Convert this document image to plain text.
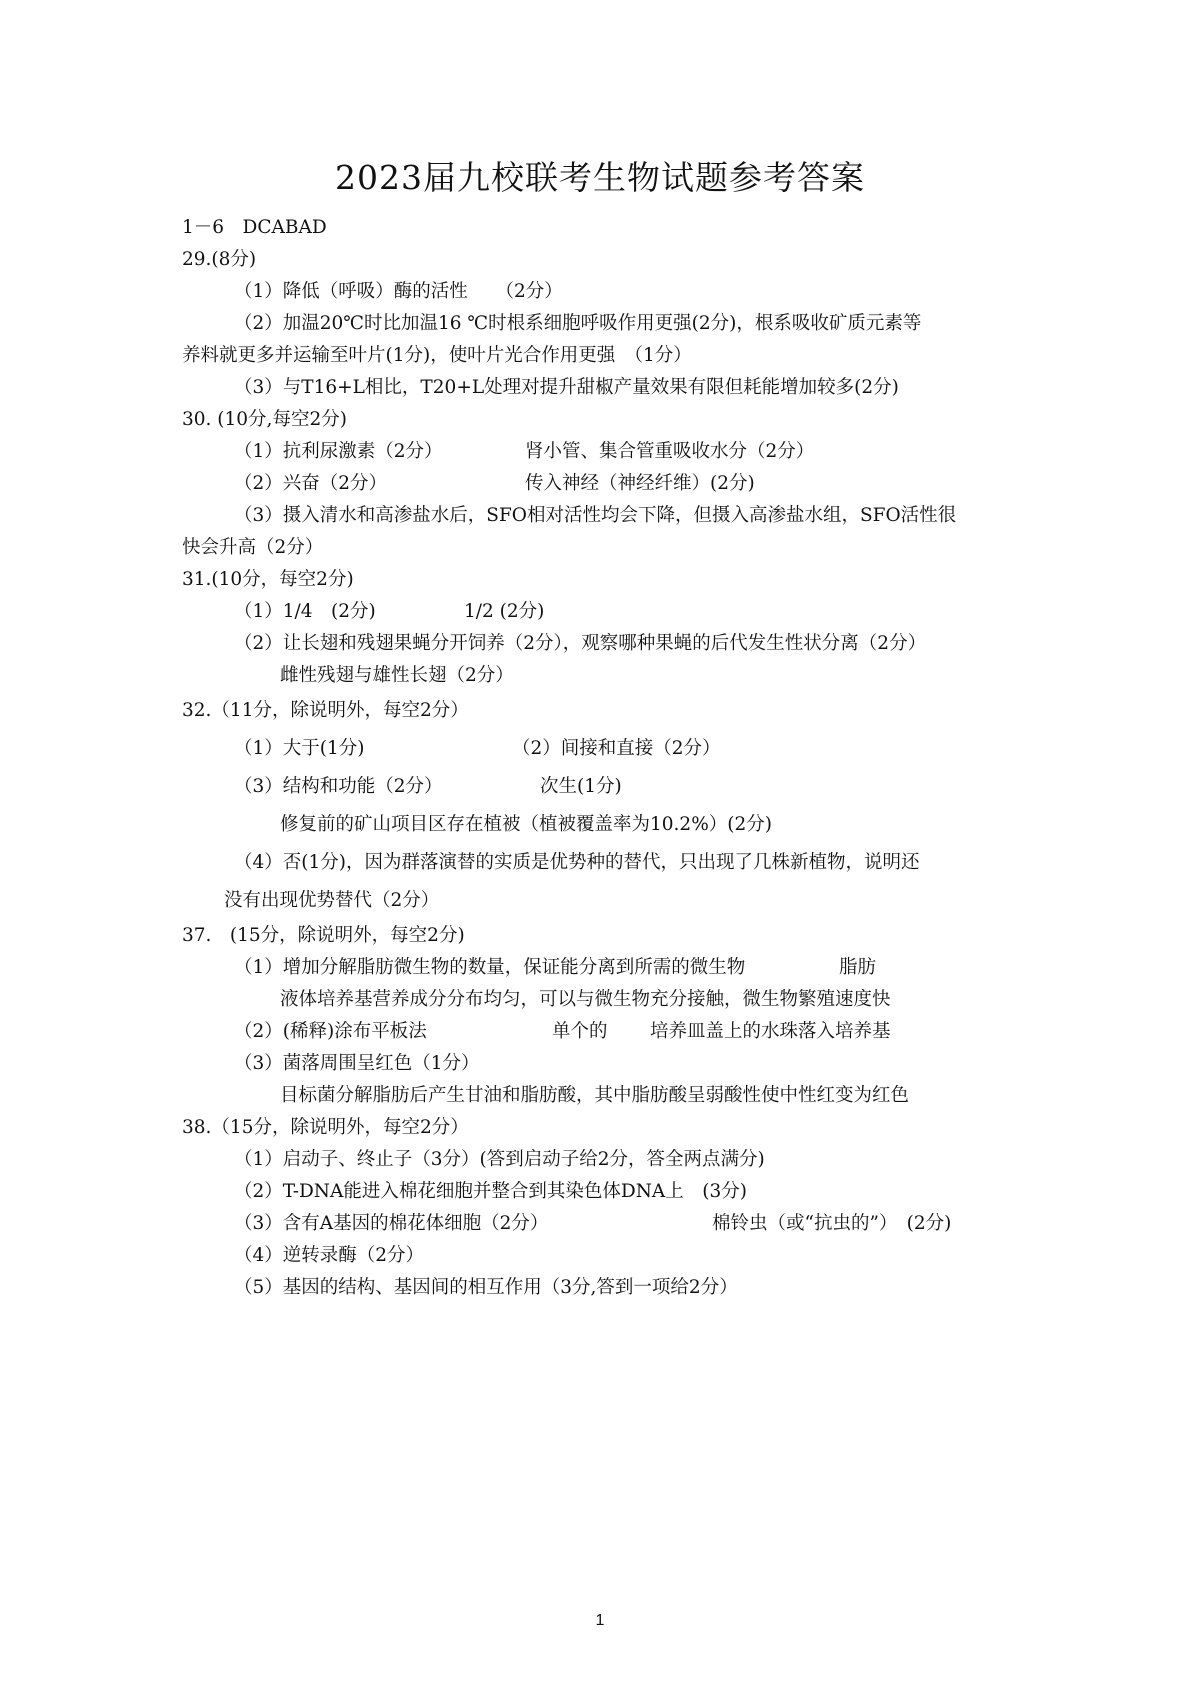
2023届九校联考生物试题参考答案
1－6　DCABAD
29.(8分)
（1）降低（呼吸）酶的活性　　（2分）
（2）加温20℃时比加温16 ℃时根系细胞呼吸作用更强(2分)，根系吸收矿质元素等
养料就更多并运输至叶片(1分)，使叶片光合作用更强　（1分）
（3）与T16+L相比，T20+L处理对提升甜椒产量效果有限但耗能增加较多(2分)
30. (10分,每空2分)
（1）抗利尿激素（2分）	肾小管、集合管重吸收水分（2分）
（2）兴奋（2分）	传入神经（神经纤维）(2分)
（3）摄入清水和高渗盐水后，SFO相对活性均会下降，但摄入高渗盐水组，SFO活性很
快会升高（2分）
31.(10分，每空2分)
（1）1/4　(2分)	1/2 (2分)
（2）让长翅和残翅果蝇分开饲养（2分），观察哪种果蝇的后代发生性状分离（2分）
雌性残翅与雄性长翅（2分）
32.（11分，除说明外，每空2分）
（1）大于(1分)	（2）间接和直接（2分）
（3）结构和功能（2分）	次生(1分)
修复前的矿山项目区存在植被（植被覆盖率为10.2%）(2分)
（4）否(1分)，因为群落演替的实质是优势种的替代，只出现了几株新植物，说明还
没有出现优势替代（2分）
37.　(15分，除说明外，每空2分)
（1）增加分解脂肪微生物的数量，保证能分离到所需的微生物	脂肪
液体培养基营养成分分布均匀，可以与微生物充分接触，微生物繁殖速度快
（2）(稀释)涂布平板法	单个的 培养皿盖上的水珠落入培养基
（3）菌落周围呈红色（1分）
目标菌分解脂肪后产生甘油和脂肪酸，其中脂肪酸呈弱酸性使中性红变为红色
38.（15分，除说明外，每空2分）
（1）启动子、终止子（3分）(答到启动子给2分，答全两点满分)
（2）T-DNA能进入棉花细胞并整合到其染色体DNA上　(3分)
（3）含有A基因的棉花体细胞（2分）	棉铃虫（或“抗虫的”）　(2分)
（4）逆转录酶（2分）
（5）基因的结构、基因间的相互作用（3分,答到一项给2分）
1
